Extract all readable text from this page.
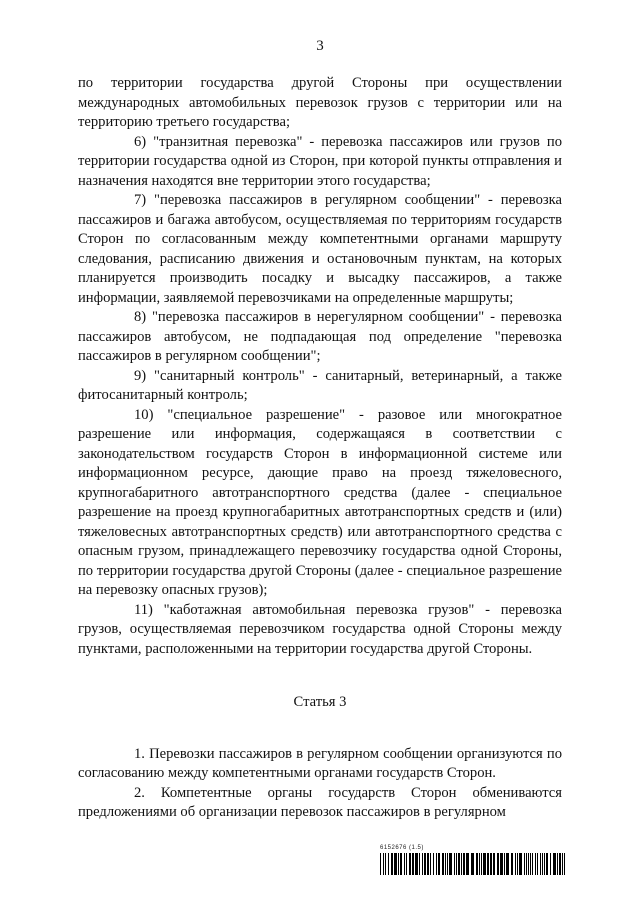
3

по территории государства другой Стороны при осуществлении международных автомобильных перевозок грузов с территории или на территорию третьего государства;

6) "транзитная перевозка" - перевозка пассажиров или грузов по территории государства одной из Сторон, при которой пункты отправления и назначения находятся вне территории этого государства;

7) "перевозка пассажиров в регулярном сообщении" - перевозка пассажиров и багажа автобусом, осуществляемая по территориям государств Сторон по согласованным между компетентными органами маршруту следования, расписанию движения и остановочным пунктам, на которых планируется производить посадку и высадку пассажиров, а также информации, заявляемой перевозчиками на определенные маршруты;

8) "перевозка пассажиров в нерегулярном сообщении" - перевозка пассажиров автобусом, не подпадающая под определение "перевозка пассажиров в регулярном сообщении";

9) "санитарный контроль" - санитарный, ветеринарный, а также фитосанитарный контроль;

10) "специальное разрешение" - разовое или многократное разрешение или информация, содержащаяся в соответствии с законодательством государств Сторон в информационной системе или информационном ресурсе, дающие право на проезд тяжеловесного, крупногабаритного автотранспортного средства (далее - специальное разрешение на проезд крупногабаритных автотранспортных средств и (или) тяжеловесных автотранспортных средств) или автотранспортного средства с опасным грузом, принадлежащего перевозчику государства одной Стороны, по территории государства другой Стороны (далее - специальное разрешение на перевозку опасных грузов);

11) "каботажная автомобильная перевозка грузов" - перевозка грузов, осуществляемая перевозчиком государства одной Стороны между пунктами, расположенными на территории государства другой Стороны.

Статья 3

1. Перевозки пассажиров в регулярном сообщении организуются по согласованию между компетентными органами государств Сторон.

2. Компетентные органы государств Сторон обмениваются предложениями об организации перевозок пассажиров в регулярном

6152676 (1.5)
